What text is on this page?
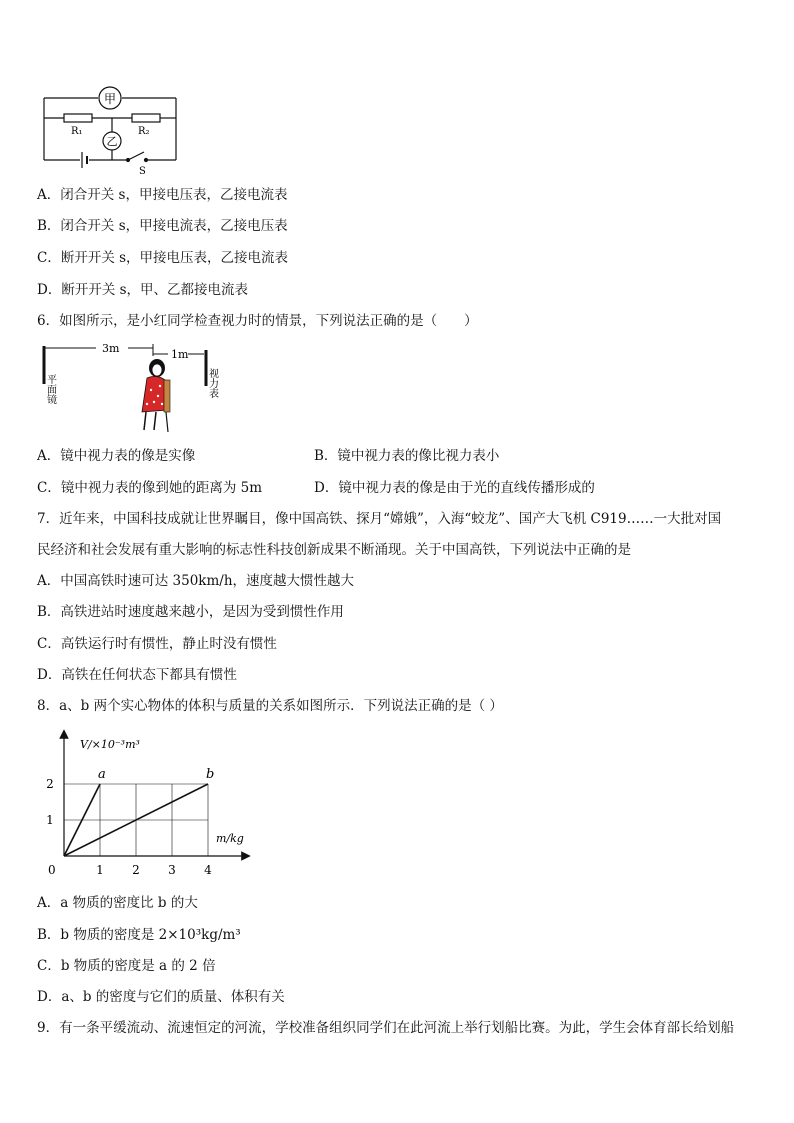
甲
乙
R₁	R₂
S
A．闭合开关 s，甲接电压表，乙接电流表
B．闭合开关 s，甲接电流表，乙接电压表
C．断开开关 s，甲接电压表，乙接电流表
D．断开开关 s，甲、乙都接电流表
6．如图所示，是小红同学检查视力时的情景，下列说法正确的是（　　）
3m	1m
平面镜	视力表
A．镜中视力表的像是实像	B．镜中视力表的像比视力表小
C．镜中视力表的像到她的距离为 5m	D．镜中视力表的像是由于光的直线传播形成的
7．近年来，中国科技成就让世界瞩目，像中国高铁、探月“嫦娥”，入海“蛟龙”、国产大飞机 C919……一大批对国
民经济和社会发展有重大影响的标志性科技创新成果不断涌现。关于中国高铁，下列说法中正确的是
A．中国高铁时速可达 350km/h，速度越大惯性越大
B．高铁进站时速度越来越小，是因为受到惯性作用
C．高铁运行时有惯性，静止时没有惯性
D．高铁在任何状态下都具有惯性
8．a、b 两个实心物体的体积与质量的关系如图所示．下列说法正确的是（ ）
1 2 3 4
1
2
a	b
V/×10⁻³m³
m/kg
0
A．a 物质的密度比 b 的大
B．b 物质的密度是 2×10³kg/m³
C．b 物质的密度是 a 的 2 倍
D．a、b 的密度与它们的质量、体积有关
9．有一条平缓流动、流速恒定的河流，学校准备组织同学们在此河流上举行划船比赛。为此，学生会体育部长给划船
